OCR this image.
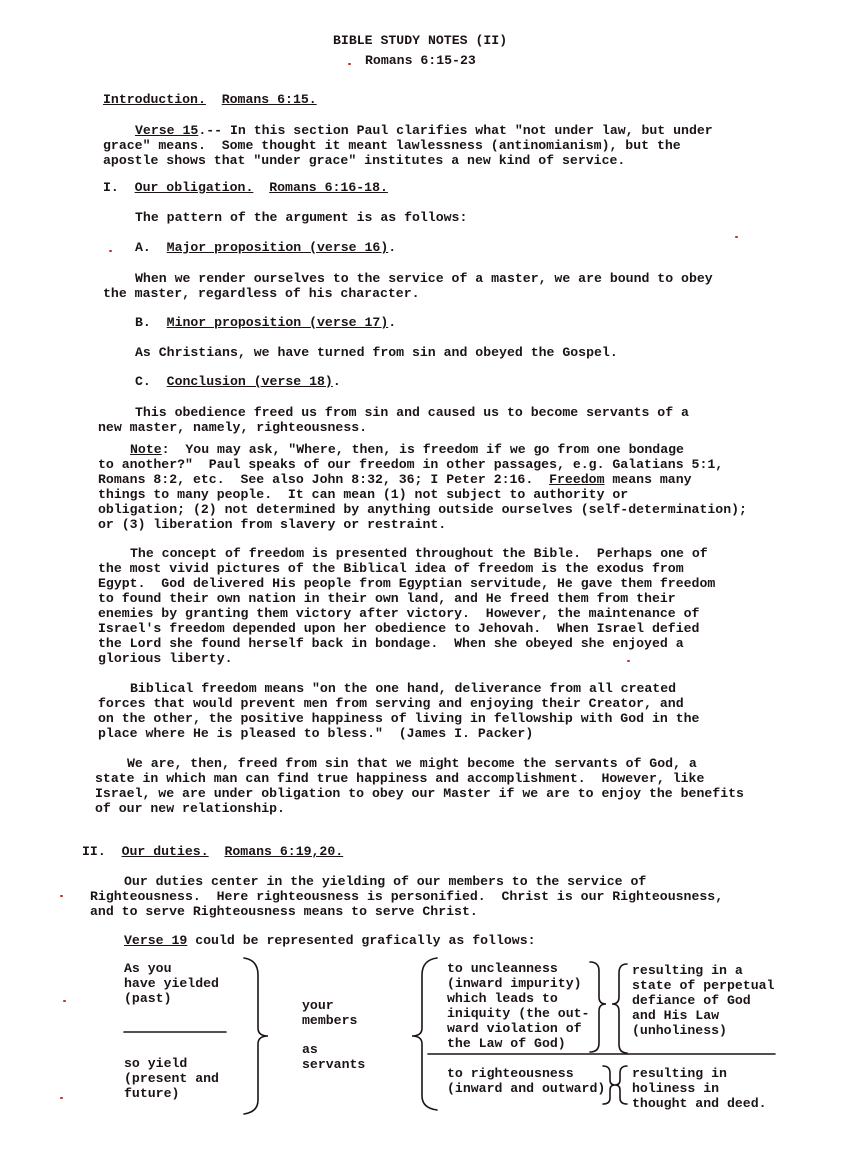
BIBLE STUDY NOTES (II)
Romans 6:15-23
Introduction. Romans 6:15.
Verse 15.-- In this section Paul clarifies what "not under law, but under
grace" means.  Some thought it meant lawlessness (antinomianism), but the
apostle shows that "under grace" institutes a new kind of service.
I. Our obligation. Romans 6:16-18.
The pattern of the argument is as follows:
A. Major proposition (verse 16).
When we render ourselves to the service of a master, we are bound to obey
the master, regardless of his character.
B. Minor proposition (verse 17).
As Christians, we have turned from sin and obeyed the Gospel.
C. Conclusion (verse 18).
This obedience freed us from sin and caused us to become servants of a
new master, namely, righteousness.
Note:  You may ask, "Where, then, is freedom if we go from one bondage
to another?"  Paul speaks of our freedom in other passages, e.g. Galatians 5:1,
Romans 8:2, etc.  See also John 8:32, 36; I Peter 2:16.  Freedom means many
things to many people.  It can mean (1) not subject to authority or
obligation; (2) not determined by anything outside ourselves (self-determination);
or (3) liberation from slavery or restraint.
The concept of freedom is presented throughout the Bible.  Perhaps one of
the most vivid pictures of the Biblical idea of freedom is the exodus from
Egypt.  God delivered His people from Egyptian servitude, He gave them freedom
to found their own nation in their own land, and He freed them from their
enemies by granting them victory after victory.  However, the maintenance of
Israel's freedom depended upon her obedience to Jehovah.  When Israel defied
the Lord she found herself back in bondage.  When she obeyed she enjoyed a
glorious liberty.
Biblical freedom means "on the one hand, deliverance from all created
forces that would prevent men from serving and enjoying their Creator, and
on the other, the positive happiness of living in fellowship with God in the
place where He is pleased to bless."  (James I. Packer)
We are, then, freed from sin that we might become the servants of God, a
state in which man can find true happiness and accomplishment.  However, like
Israel, we are under obligation to obey our Master if we are to enjoy the benefits
of our new relationship.
II. Our duties. Romans 6:19,20.
Our duties center in the yielding of our members to the service of
Righteousness.  Here righteousness is personified.  Christ is our Righteousness,
and to serve Righteousness means to serve Christ.
Verse 19 could be represented grafically as follows:
As you
have yielded
(past)
so yield
(present and
future)
your
members
as
servants
to uncleanness
(inward impurity)
which leads to
iniquity (the out-
ward violation of
the Law of God)
resulting in a
state of perpetual
defiance of God
and His Law
(unholiness)
to righteousness
(inward and outward)
resulting in
holiness in
thought and deed.
